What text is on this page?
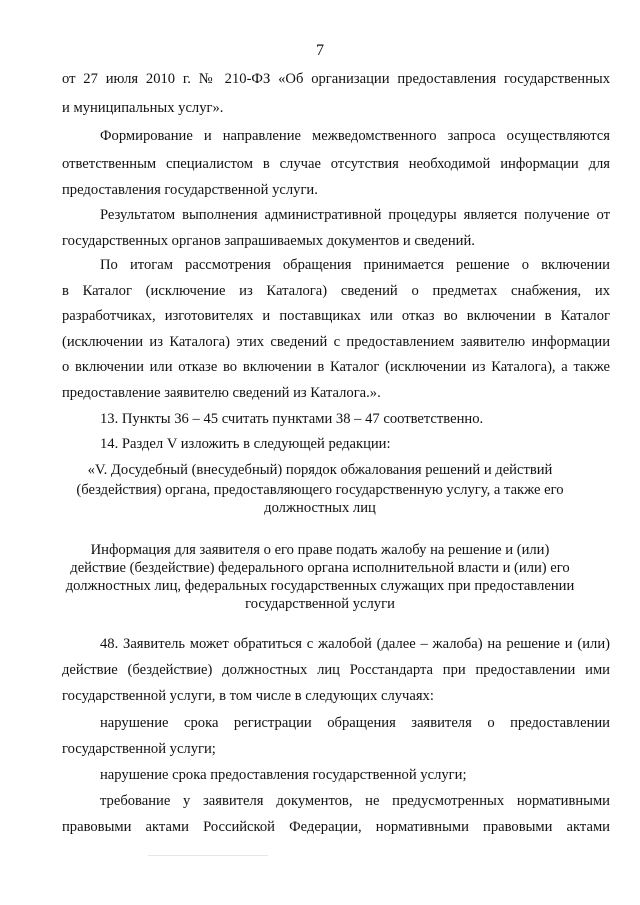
7
от 27 июля 2010 г. № 210-ФЗ «Об организации предоставления государственных
и муниципальных услуг».
Формирование и направление межведомственного запроса осуществляются
ответственным специалистом в случае отсутствия необходимой информации для
предоставления государственной услуги.
Результатом выполнения административной процедуры является получение от
государственных органов запрашиваемых документов и сведений.
По итогам рассмотрения обращения принимается решение о включении
в Каталог (исключение из Каталога) сведений о предметах снабжения, их
разработчиках, изготовителях и поставщиках или отказ во включении в Каталог
(исключении из Каталога) этих сведений с предоставлением заявителю информации
о включении или отказе во включении в Каталог (исключении из Каталога), а также
предоставление заявителю сведений из Каталога.».
13. Пункты 36 – 45 считать пунктами 38 – 47 соответственно.
14. Раздел V изложить в следующей редакции:
«V. Досудебный (внесудебный) порядок обжалования решений и действий
(бездействия) органа, предоставляющего государственную услугу, а также его
должностных лиц
Информация для заявителя о его праве подать жалобу на решение и (или)
действие (бездействие) федерального органа исполнительной власти и (или) его
должностных лиц, федеральных государственных служащих при предоставлении
государственной услуги
48. Заявитель может обратиться с жалобой (далее – жалоба) на решение и (или)
действие (бездействие) должностных лиц Росстандарта при предоставлении ими
государственной услуги, в том числе в следующих случаях:
нарушение срока регистрации обращения заявителя о предоставлении
государственной услуги;
нарушение срока предоставления государственной услуги;
требование у заявителя документов, не предусмотренных нормативными
правовыми актами Российской Федерации, нормативными правовыми актами
